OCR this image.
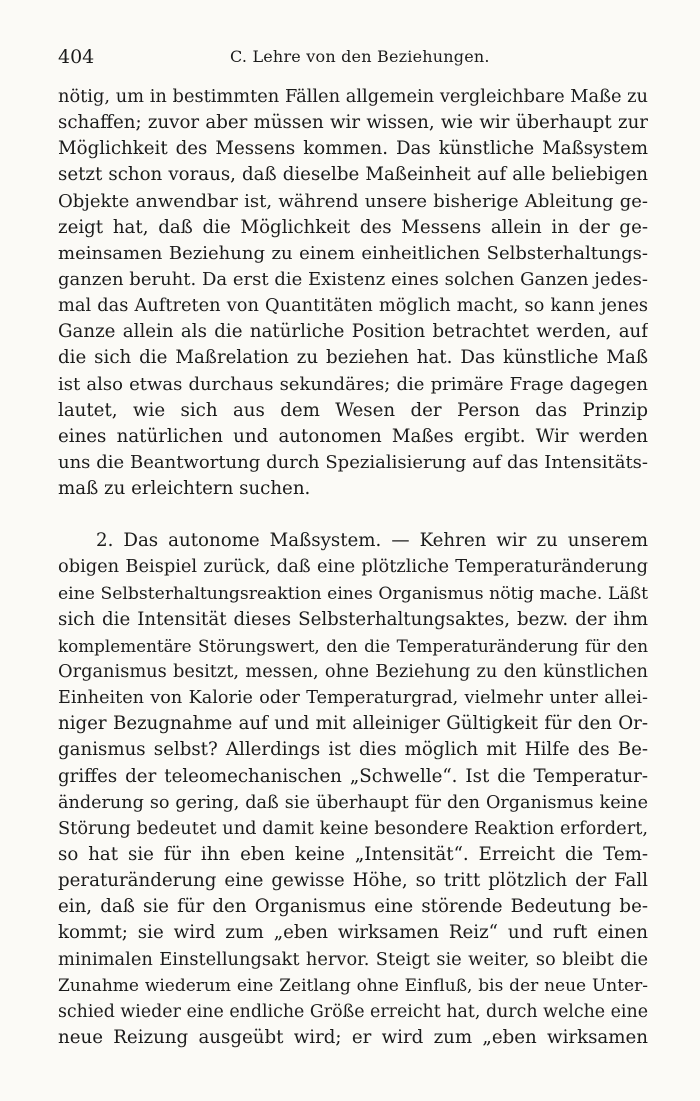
404	C. Lehre von den Beziehungen.
nötig, um in bestimmten Fällen allgemein vergleichbare Maße zu
schaffen; zuvor aber müssen wir wissen, wie wir überhaupt zur
Möglichkeit des Messens kommen. Das künstliche Maßsystem
setzt schon voraus, daß dieselbe Maßeinheit auf alle beliebigen
Objekte anwendbar ist, während unsere bisherige Ableitung ge-
zeigt hat, daß die Möglichkeit des Messens allein in der ge-
meinsamen Beziehung zu einem einheitlichen Selbsterhaltungs-
ganzen beruht. Da erst die Existenz eines solchen Ganzen jedes-
mal das Auftreten von Quantitäten möglich macht, so kann jenes
Ganze allein als die natürliche Position betrachtet werden, auf
die sich die Maßrelation zu beziehen hat. Das künstliche Maß
ist also etwas durchaus sekundäres; die primäre Frage dagegen
lautet, wie sich aus dem Wesen der Person das Prinzip
eines natürlichen und autonomen Maßes ergibt. Wir werden
uns die Beantwortung durch Spezialisierung auf das Intensitäts-
maß zu erleichtern suchen.
2. Das autonome Maßsystem. — Kehren wir zu unserem
obigen Beispiel zurück, daß eine plötzliche Temperaturänderung
eine Selbsterhaltungsreaktion eines Organismus nötig mache. Läßt
sich die Intensität dieses Selbsterhaltungsaktes, bezw. der ihm
komplementäre Störungswert, den die Temperaturänderung für den
Organismus besitzt, messen, ohne Beziehung zu den künstlichen
Einheiten von Kalorie oder Temperaturgrad, vielmehr unter allei-
niger Bezugnahme auf und mit alleiniger Gültigkeit für den Or-
ganismus selbst? Allerdings ist dies möglich mit Hilfe des Be-
griffes der teleomechanischen „Schwelle“. Ist die Temperatur-
änderung so gering, daß sie überhaupt für den Organismus keine
Störung bedeutet und damit keine besondere Reaktion erfordert,
so hat sie für ihn eben keine „Intensität“. Erreicht die Tem-
peraturänderung eine gewisse Höhe, so tritt plötzlich der Fall
ein, daß sie für den Organismus eine störende Bedeutung be-
kommt; sie wird zum „eben wirksamen Reiz“ und ruft einen
minimalen Einstellungsakt hervor. Steigt sie weiter, so bleibt die
Zunahme wiederum eine Zeitlang ohne Einfluß, bis der neue Unter-
schied wieder eine endliche Größe erreicht hat, durch welche eine
neue Reizung ausgeübt wird; er wird zum „eben wirksamen
